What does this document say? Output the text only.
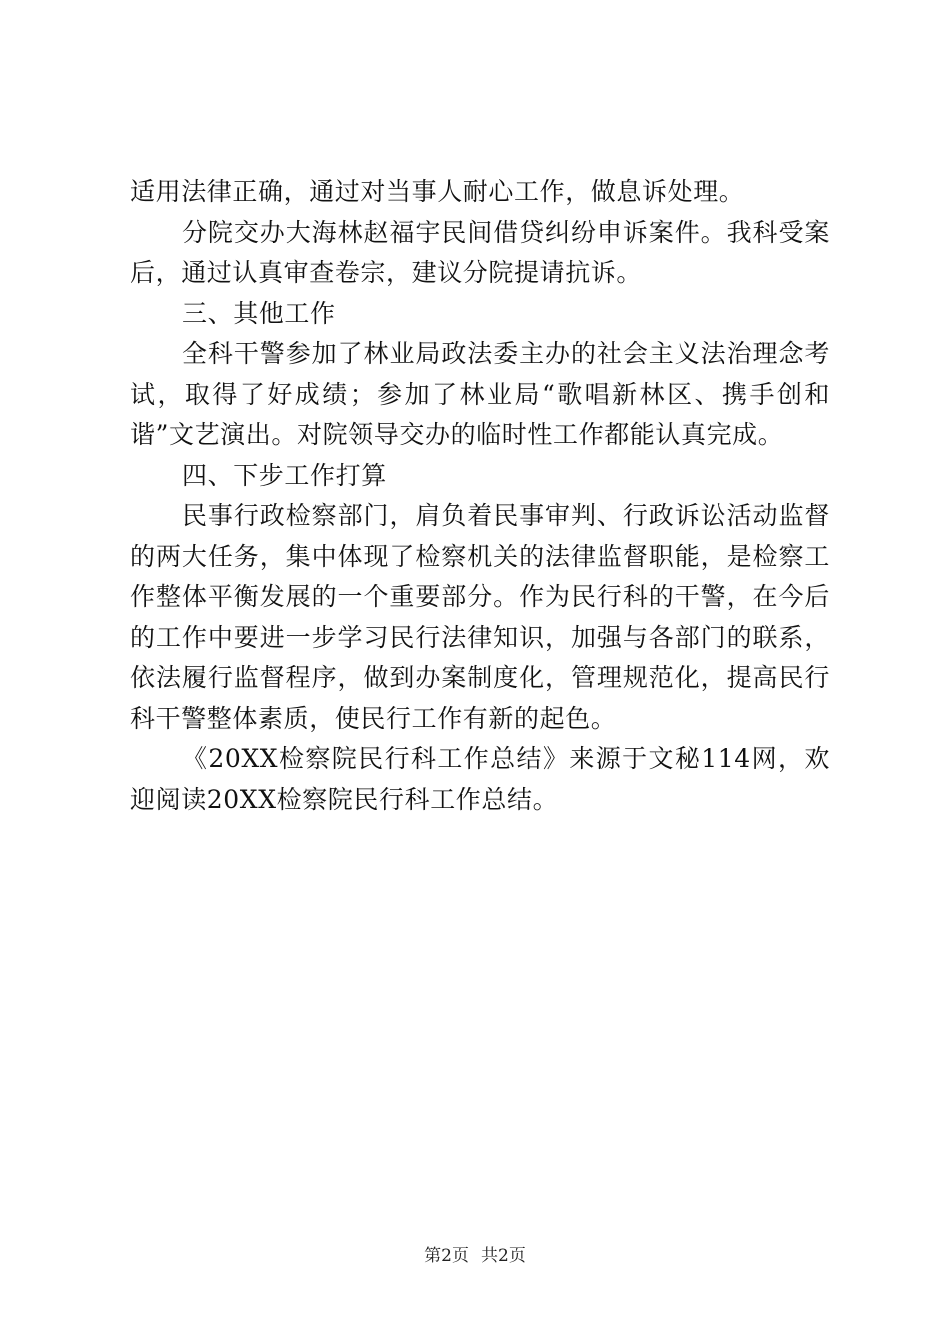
适用法律正确，通过对当事人耐心工作，做息诉处理。

分院交办大海林赵福宇民间借贷纠纷申诉案件。我科受案后，通过认真审查卷宗，建议分院提请抗诉。

三、其他工作

全科干警参加了林业局政法委主办的社会主义法治理念考试，取得了好成绩；参加了林业局“歌唱新林区、携手创和谐”文艺演出。对院领导交办的临时性工作都能认真完成。

四、下步工作打算

民事行政检察部门，肩负着民事审判、行政诉讼活动监督的两大任务，集中体现了检察机关的法律监督职能，是检察工作整体平衡发展的一个重要部分。作为民行科的干警，在今后的工作中要进一步学习民行法律知识，加强与各部门的联系，依法履行监督程序，做到办案制度化，管理规范化，提高民行科干警整体素质，使民行工作有新的起色。

《20XX检察院民行科工作总结》来源于文秘114网，欢迎阅读20XX检察院民行科工作总结。

第2页 共2页
